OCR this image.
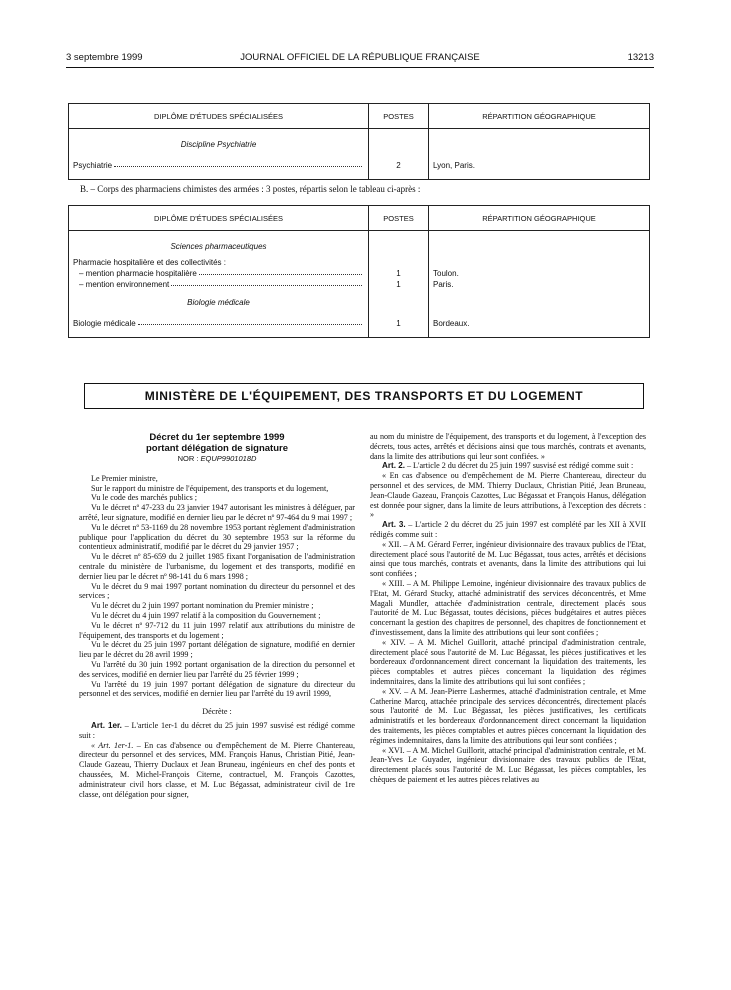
3 septembre 1999	JOURNAL OFFICIEL DE LA RÉPUBLIQUE FRANÇAISE	13213
DIPLÔME D'ÉTUDES SPÉCIALISÉES	POSTES	RÉPARTITION GÉOGRAPHIQUE

Discipline Psychiatrie		

Psychiatrie	2	Lyon, Paris.

B. – Corps des pharmaciens chimistes des armées : 3 postes, répartis selon le tableau ci-après :
DIPLÔME D'ÉTUDES SPÉCIALISÉES	POSTES	RÉPARTITION GÉOGRAPHIQUE

Sciences pharmaceutiques		

Pharmacie hospitalière et des collectivités :		

– mention pharmacie hospitalière	1	Toulon.

– mention environnement	1	Paris.

Biologie médicale		

Biologie médicale	1	Bordeaux.

MINISTÈRE DE L'ÉQUIPEMENT, DES TRANSPORTS ET DU LOGEMENT
Décret du 1er septembre 1999
portant délégation de signature
NOR : EQUP9901018D

Le Premier ministre,

Sur le rapport du ministre de l'équipement, des transports et du logement,

Vu le code des marchés publics ;

Vu le décret nº 47-233 du 23 janvier 1947 autorisant les ministres à déléguer, par arrêté, leur signature, modifié en dernier lieu par le décret nº 97-464 du 9 mai 1997 ;

Vu le décret nº 53-1169 du 28 novembre 1953 portant règlement d'administration publique pour l'application du décret du 30 septembre 1953 sur la réforme du contentieux administratif, modifié par le décret du 29 janvier 1957 ;

Vu le décret nº 85-659 du 2 juillet 1985 fixant l'organisation de l'administration centrale du ministère de l'urbanisme, du logement et des transports, modifié en dernier lieu par le décret nº 98-141 du 6 mars 1998 ;

Vu le décret du 9 mai 1997 portant nomination du directeur du personnel et des services ;

Vu le décret du 2 juin 1997 portant nomination du Premier ministre ;

Vu le décret du 4 juin 1997 relatif à la composition du Gouvernement ;

Vu le décret nº 97-712 du 11 juin 1997 relatif aux attributions du ministre de l'équipement, des transports et du logement ;

Vu le décret du 25 juin 1997 portant délégation de signature, modifié en dernier lieu par le décret du 28 avril 1999 ;

Vu l'arrêté du 30 juin 1992 portant organisation de la direction du personnel et des services, modifié en dernier lieu par l'arrêté du 25 février 1999 ;

Vu l'arrêté du 19 juin 1997 portant délégation de signature du directeur du personnel et des services, modifié en dernier lieu par l'arrêté du 19 avril 1999,

Décrète :

Art. 1er. – L'article 1er-1 du décret du 25 juin 1997 susvisé est rédigé comme suit :

« Art. 1er-1. – En cas d'absence ou d'empêchement de M. Pierre Chantereau, directeur du personnel et des services, MM. François Hanus, Christian Pitié, Jean-Claude Gazeau, Thierry Duclaux et Jean Bruneau, ingénieurs en chef des ponts et chaussées, M. Michel-François Citerne, contractuel, M. François Cazottes, administrateur civil hors classe, et M. Luc Bégassat, administrateur civil de 1re classe, ont délégation pour signer,

au nom du ministre de l'équipement, des transports et du logement, à l'exception des décrets, tous actes, arrêtés et décisions ainsi que tous marchés, contrats et avenants, dans la limite des attributions qui leur sont confiées. »

Art. 2. – L'article 2 du décret du 25 juin 1997 susvisé est rédigé comme suit :

« En cas d'absence ou d'empêchement de M. Pierre Chantereau, directeur du personnel et des services, de MM. Thierry Duclaux, Christian Pitié, Jean Bruneau, Jean-Claude Gazeau, François Cazottes, Luc Bégassat et François Hanus, délégation est donnée pour signer, dans la limite de leurs attributions, à l'exception des décrets : »

Art. 3. – L'article 2 du décret du 25 juin 1997 est complété par les XII à XVII rédigés comme suit :

« XII. – A M. Gérard Ferrer, ingénieur divisionnaire des travaux publics de l'Etat, directement placé sous l'autorité de M. Luc Bégassat, tous actes, arrêtés et décisions ainsi que tous marchés, contrats et avenants, dans la limite des attributions qui lui sont confiées ;

« XIII. – A M. Philippe Lemoine, ingénieur divisionnaire des travaux publics de l'Etat, M. Gérard Stucky, attaché administratif des services déconcentrés, et Mme Magali Mundler, attachée d'administration centrale, directement placés sous l'autorité de M. Luc Bégassat, toutes décisions, pièces budgétaires et autres pièces concernant la gestion des chapitres de personnel, des chapitres de fonctionnement et d'investissement, dans la limite des attributions qui leur sont confiées ;

« XIV. – A M. Michel Guillorit, attaché principal d'administration centrale, directement placé sous l'autorité de M. Luc Bégassat, les pièces justificatives et les bordereaux d'ordonnancement direct concernant la liquidation des traitements, les pièces comptables et autres pièces concernant la liquidation des régimes indemnitaires, dans la limite des attributions qui lui sont confiées ;

« XV. – A M. Jean-Pierre Lashermes, attaché d'administration centrale, et Mme Catherine Marcq, attachée principale des services déconcentrés, directement placés sous l'autorité de M. Luc Bégassat, les pièces justificatives, les certificats administratifs et les bordereaux d'ordonnancement direct concernant la liquidation des traitements, les pièces comptables et autres pièces concernant la liquidation des régimes indemnitaires, dans la limite des attributions qui leur sont confiées ;

« XVI. – A M. Michel Guillorit, attaché principal d'administration centrale, et M. Jean-Yves Le Guyader, ingénieur divisionnaire des travaux publics de l'Etat, directement placés sous l'autorité de M. Luc Bégassat, les pièces comptables, les chèques de paiement et les autres pièces relatives au
